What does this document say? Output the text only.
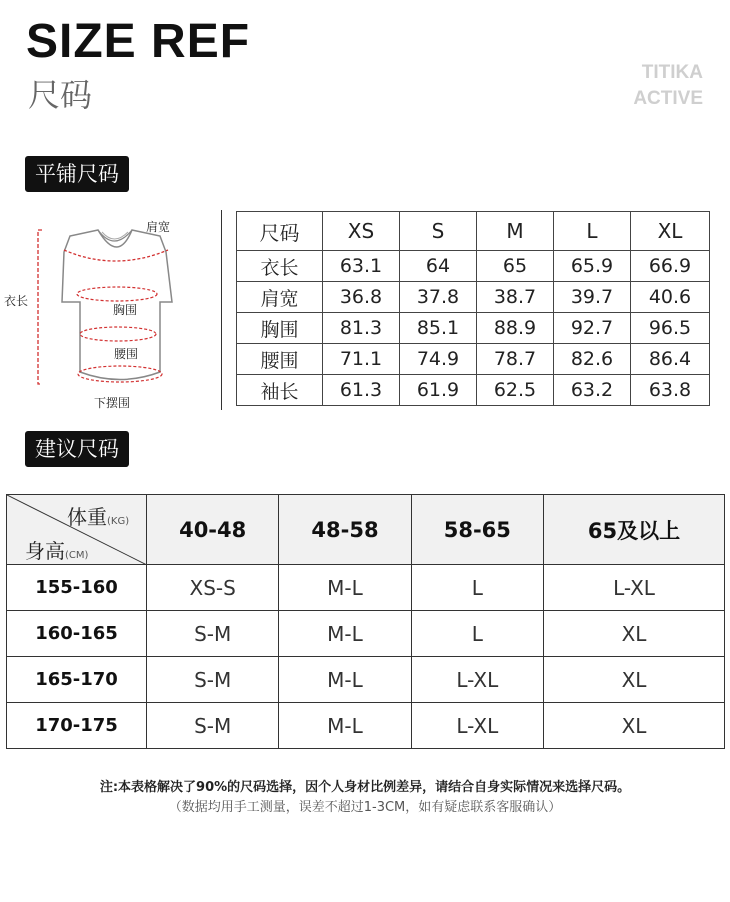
SIZE REF
尺码
TITIKA
ACTIVE
平铺尺码
肩宽
衣长
胸围
腰围
下摆围
尺码	XS	S	M	L	XL
衣长	63.1	64	65	65.9	66.9
肩宽	36.8	37.8	38.7	39.7	40.6
胸围	81.3	85.1	88.9	92.7	96.5
腰围	71.1	74.9	78.7	82.6	86.4
袖长	61.3	61.9	62.5	63.2	63.8
建议尺码
体重(KG)
身高(CM)	40-48	48-58	58-65	65及以上
155-160	XS-S	M-L	L	L-XL
160-165	S-M	M-L	L	XL
165-170	S-M	M-L	L-XL	XL
170-175	S-M	M-L	L-XL	XL
注:本表格解决了90%的尺码选择，因个人身材比例差异，请结合自身实际情况来选择尺码。
（数据均用手工测量，误差不超过1-3CM，如有疑虑联系客服确认）
